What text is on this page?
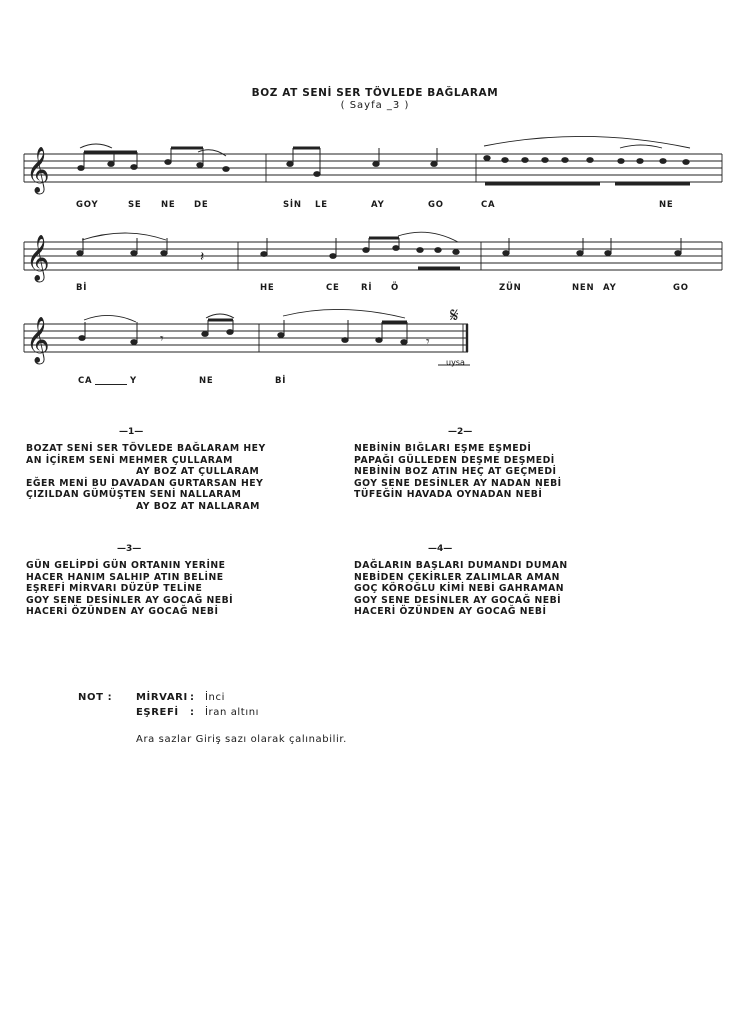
BOZ AT SENİ SER TÖVLEDE BAĞLARAM
( Sayfa _3 )
𝄞
GOY	SE NE DE	SİN LE	AY	GO	CA	NE
𝄞	𝄽
Bİ	HE	CE	Rİ Ö	ZÜN	NEN AY	GO
𝄞
𝄋
𝄾	𝄾
uysa
CA	Y	NE	Bİ
—1—
BOZAT SENİ SER TÖVLEDE BAĞLARAM HEY
AN İÇİREM SENİ MEHMER ÇULLARAM
AY BOZ AT ÇULLARAM
EĞER MENİ BU DAVADAN GURTARSAN HEY
ÇIZILDAN GÜMÜŞTEN SENİ NALLARAM
AY BOZ AT NALLARAM
—2—
NEBİNİN BIĞLARI EŞME EŞMEDİ
PAPAĞI GÜLLEDEN DEŞME DEŞMEDİ
NEBİNİN BOZ ATIN HEÇ AT GEÇMEDİ
GOY SENE DESİNLER AY NADAN NEBİ
TÜFEĞİN HAVADA OYNADAN NEBİ
—3—
GÜN GELİPDİ GÜN ORTANIN YERİNE
HACER HANIM SALHIP ATIN BELİNE
EŞREFİ MİRVARI DÜZÜP TELİNE
GOY SENE DESİNLER AY GOCAĞ NEBİ
HACERİ ÖZÜNDEN AY GOCAĞ NEBİ
—4—
DAĞLARIN BAŞLARI DUMANDI DUMAN
NEBİDEN ÇEKİRLER ZALIMLAR AMAN
GOÇ KÖROĞLU KİMİ NEBİ GAHRAMAN
GOY SENE DESİNLER AY GOCAĞ NEBİ
HACERİ ÖZÜNDEN AY GOCAĞ NEBİ
NOT : MİRVARI : İnci
EŞREFİ : İran altını
Ara sazlar Giriş sazı olarak çalınabilir.
